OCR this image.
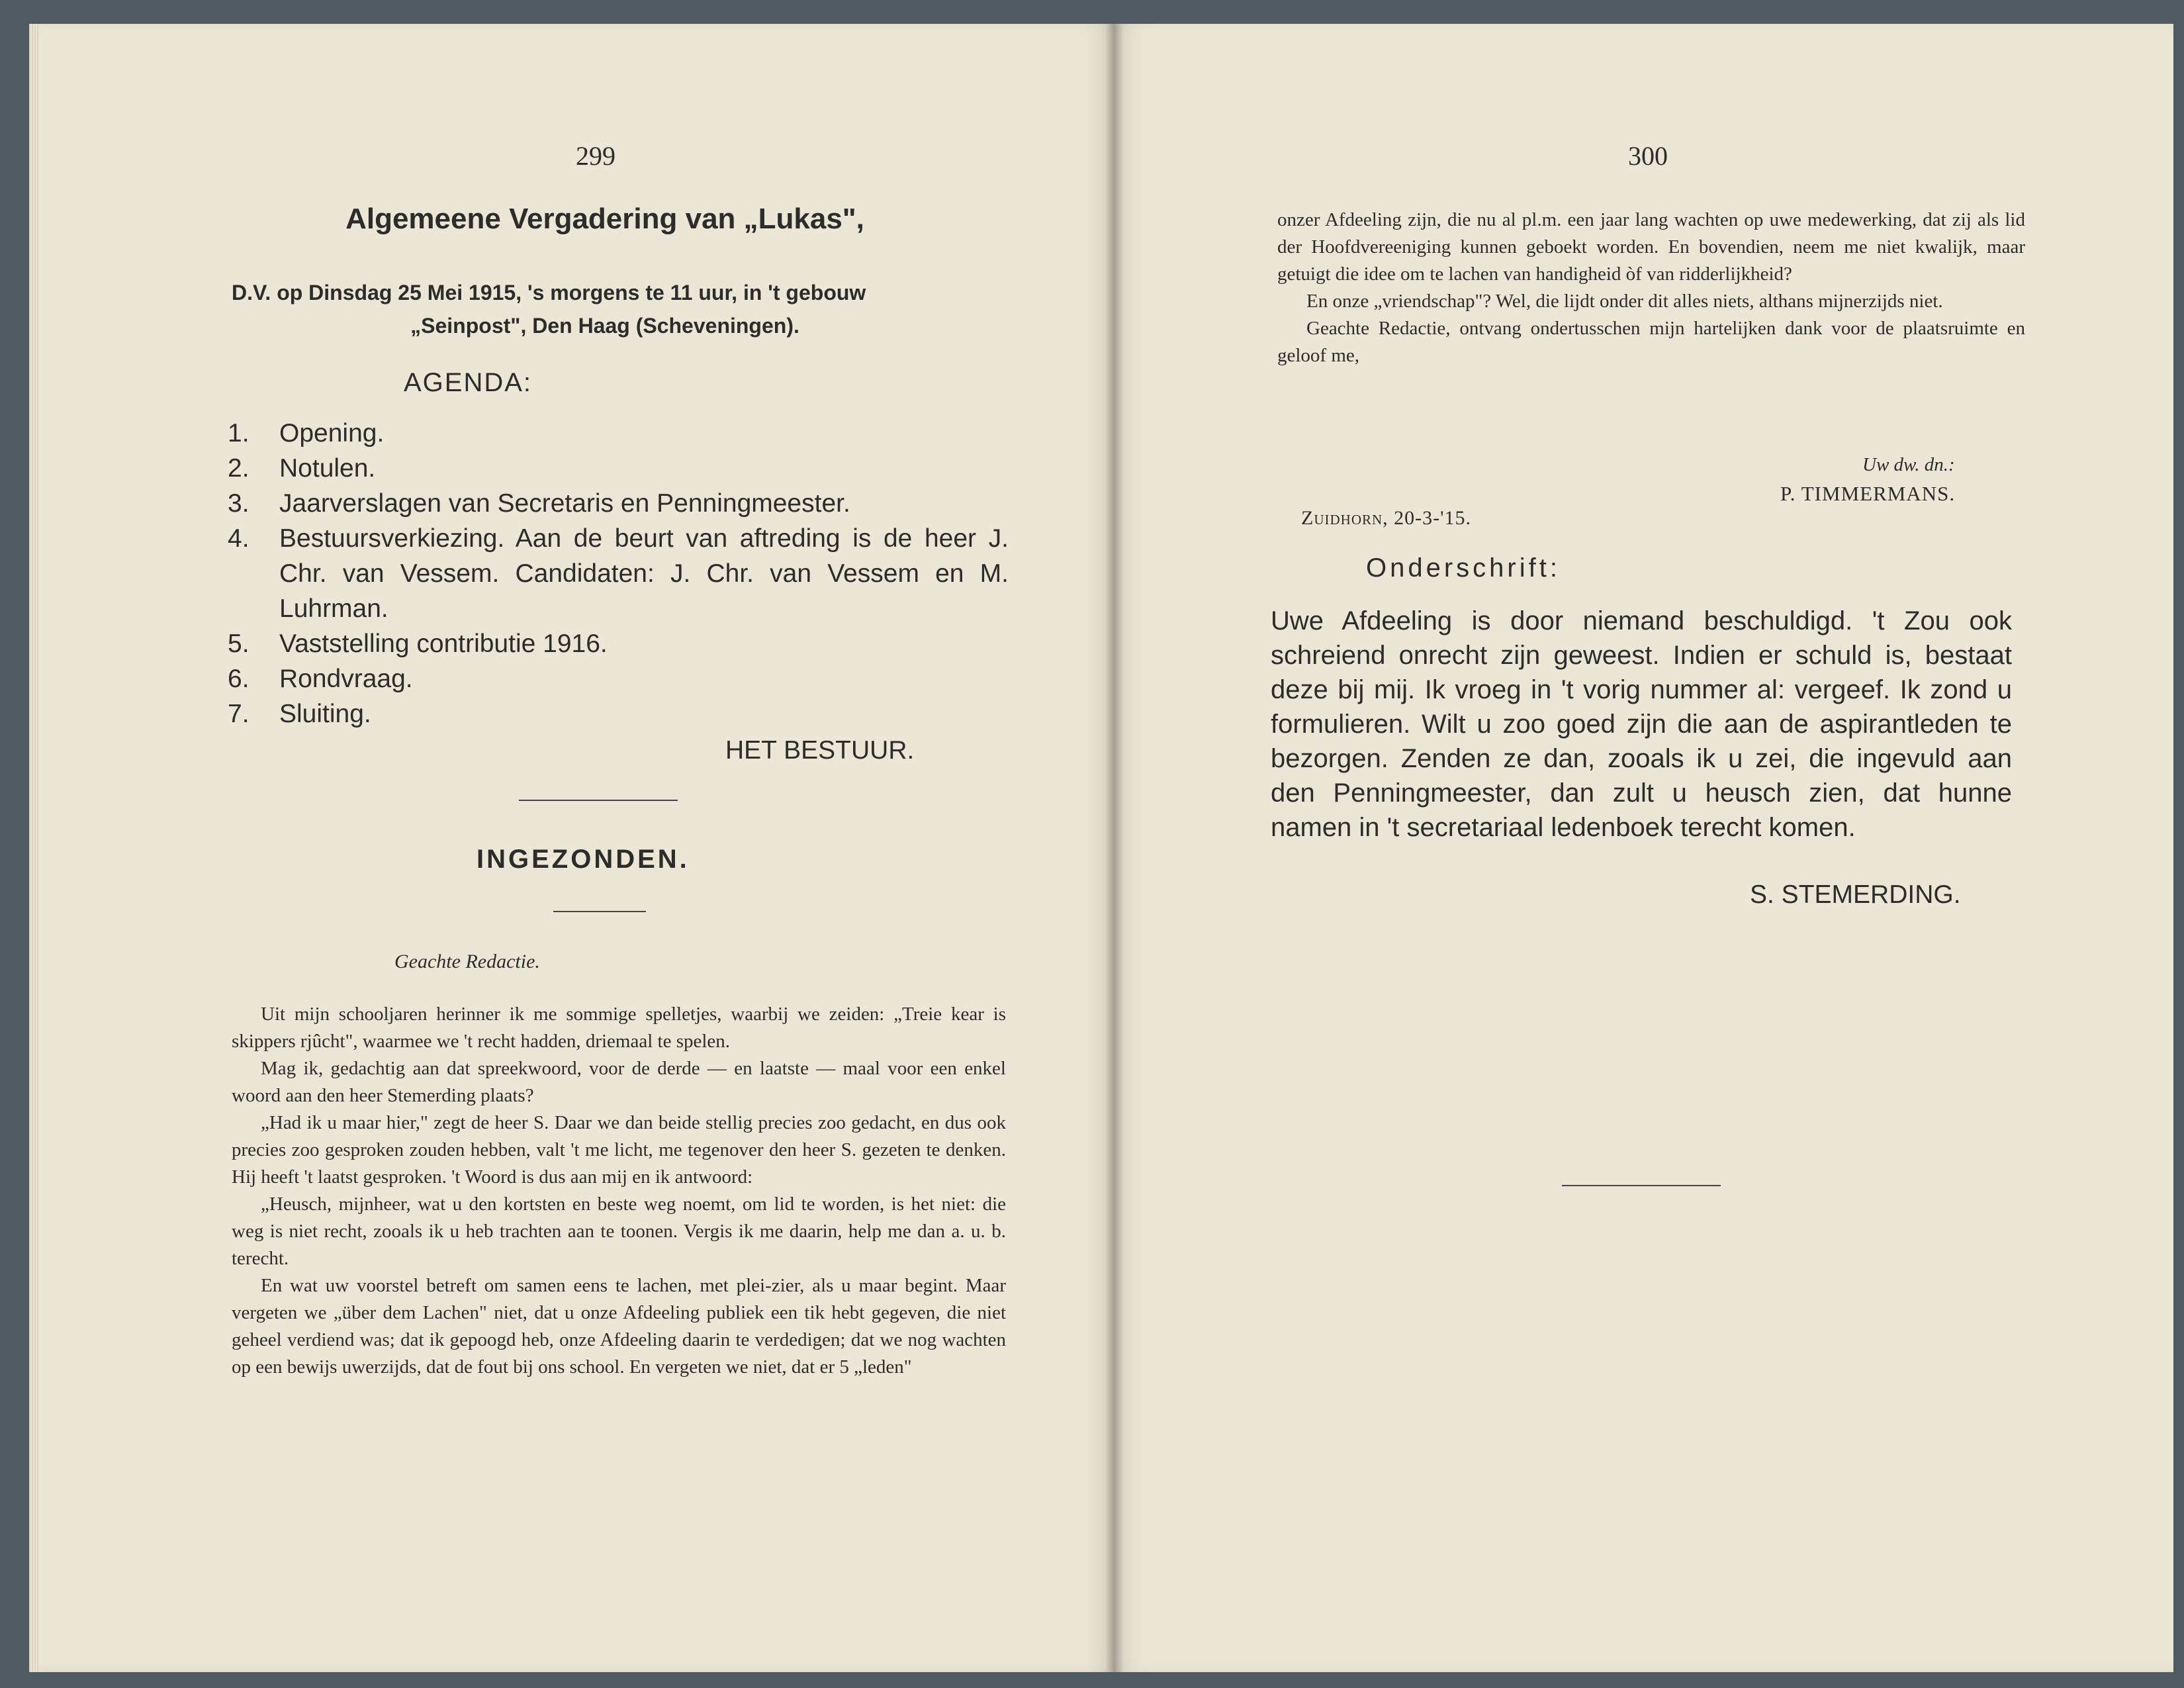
299
Algemeene Vergadering van „Lukas",
D.V. op Dinsdag 25 Mei 1915, 's morgens te 11 uur, in 't gebouw
„Seinpost", Den Haag (Scheveningen).
AGENDA:
1.	Opening.
2.	Notulen.
3.	Jaarverslagen van Secretaris en Penningmeester.
4.	Bestuursverkiezing. Aan de beurt van aftreding is de heer J. Chr. van Vessem. Candidaten: J. Chr. van Vessem en M. Luhrman.
5.	Vaststelling contributie 1916.
6.	Rondvraag.
7.	Sluiting.
HET BESTUUR.
INGEZONDEN.
Geachte Redactie.

Uit mijn schooljaren herinner ik me sommige spelletjes, waarbij we zeiden: „Treie kear is skippers rjûcht", waarmee we 't recht hadden, driemaal te spelen.

Mag ik, gedachtig aan dat spreekwoord, voor de derde — en laatste — maal voor een enkel woord aan den heer Stemerding plaats?

„Had ik u maar hier," zegt de heer S. Daar we dan beide stellig precies zoo gedacht, en dus ook precies zoo gesproken zouden hebben, valt 't me licht, me tegenover den heer S. gezeten te denken. Hij heeft 't laatst gesproken. 't Woord is dus aan mij en ik antwoord:

„Heusch, mijnheer, wat u den kortsten en beste weg noemt, om lid te worden, is het niet: die weg is niet recht, zooals ik u heb trachten aan te toonen. Vergis ik me daarin, help me dan a. u. b. terecht.

En wat uw voorstel betreft om samen eens te lachen, met plei-zier, als u maar begint. Maar vergeten we „über dem Lachen" niet, dat u onze Afdeeling publiek een tik hebt gegeven, die niet geheel verdiend was; dat ik gepoogd heb, onze Afdeeling daarin te verdedigen; dat we nog wachten op een bewijs uwerzijds, dat de fout bij ons school. En vergeten we niet, dat er 5 „leden"

300

onzer Afdeeling zijn, die nu al pl.m. een jaar lang wachten op uwe medewerking, dat zij als lid der Hoofdvereeniging kunnen geboekt worden. En bovendien, neem me niet kwalijk, maar getuigt die idee om te lachen van handigheid òf van ridderlijkheid?

En onze „vriendschap"? Wel, die lijdt onder dit alles niets, althans mijnerzijds niet.

Geachte Redactie, ontvang ondertusschen mijn hartelijken dank voor de plaatsruimte en geloof me,

Uw dw. dn.:
P. TIMMERMANS.
Zuidhorn, 20-3-'15.
Onderschrift:
Uwe Afdeeling is door niemand beschuldigd. 't Zou ook schreiend onrecht zijn geweest. Indien er schuld is, bestaat deze bij mij. Ik vroeg in 't vorig nummer al: vergeef. Ik zond u formulieren. Wilt u zoo goed zijn die aan de aspirantleden te bezorgen. Zenden ze dan, zooals ik u zei, die ingevuld aan den Penningmeester, dan zult u heusch zien, dat hunne namen in 't secretariaal ledenboek terecht komen.
S. STEMERDING.
